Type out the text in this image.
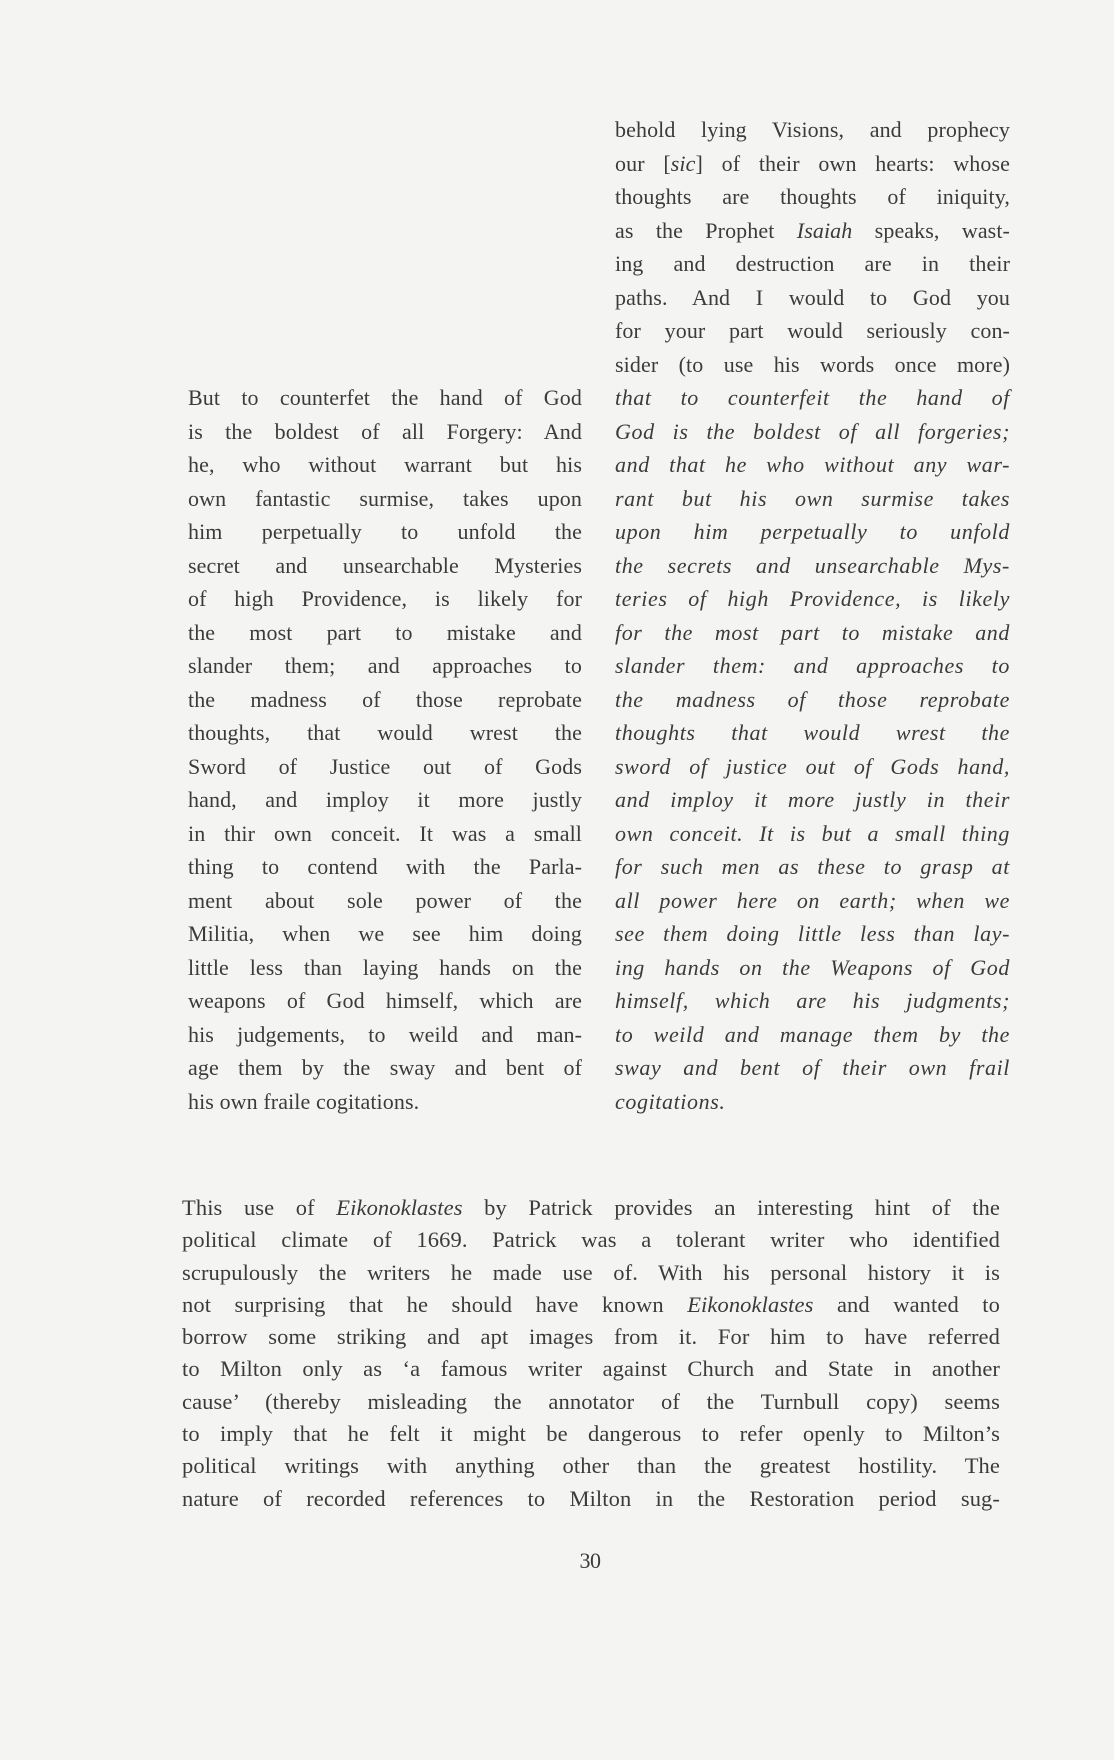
But to counterfet the hand of God
is the boldest of all Forgery: And
he, who without warrant but his
own fantastic surmise, takes upon
him perpetually to unfold the
secret and unsearchable Mysteries
of high Providence, is likely for
the most part to mistake and
slander them; and approaches to
the madness of those reprobate
thoughts, that would wrest the
Sword of Justice out of Gods
hand, and imploy it more justly
in thir own conceit. It was a small
thing to contend with the Parla-
ment about sole power of the
Militia, when we see him doing
little less than laying hands on the
weapons of God himself, which are
his judgements, to weild and man-
age them by the sway and bent of
his own fraile cogitations.
behold lying Visions, and prophecy
our [sic] of their own hearts: whose
thoughts are thoughts of iniquity,
as the Prophet Isaiah speaks, wast-
ing and destruction are in their
paths. And I would to God you
for your part would seriously con-
sider (to use his words once more)
that to counterfeit the hand of
God is the boldest of all forgeries;
and that he who without any war-
rant but his own surmise takes
upon him perpetually to unfold
the secrets and unsearchable Mys-
teries of high Providence, is likely
for the most part to mistake and
slander them: and approaches to
the madness of those reprobate
thoughts that would wrest the
sword of justice out of Gods hand,
and imploy it more justly in their
own conceit. It is but a small thing
for such men as these to grasp at
all power here on earth; when we
see them doing little less than lay-
ing hands on the Weapons of God
himself, which are his judgments;
to weild and manage them by the
sway and bent of their own frail
cogitations.
This use of Eikonoklastes by Patrick provides an interesting hint of the
political climate of 1669. Patrick was a tolerant writer who identified
scrupulously the writers he made use of. With his personal history it is
not surprising that he should have known Eikonoklastes and wanted to
borrow some striking and apt images from it. For him to have referred
to Milton only as ‘a famous writer against Church and State in another
cause’ (thereby misleading the annotator of the Turnbull copy) seems
to imply that he felt it might be dangerous to refer openly to Milton’s
political writings with anything other than the greatest hostility. The
nature of recorded references to Milton in the Restoration period sug-
30
